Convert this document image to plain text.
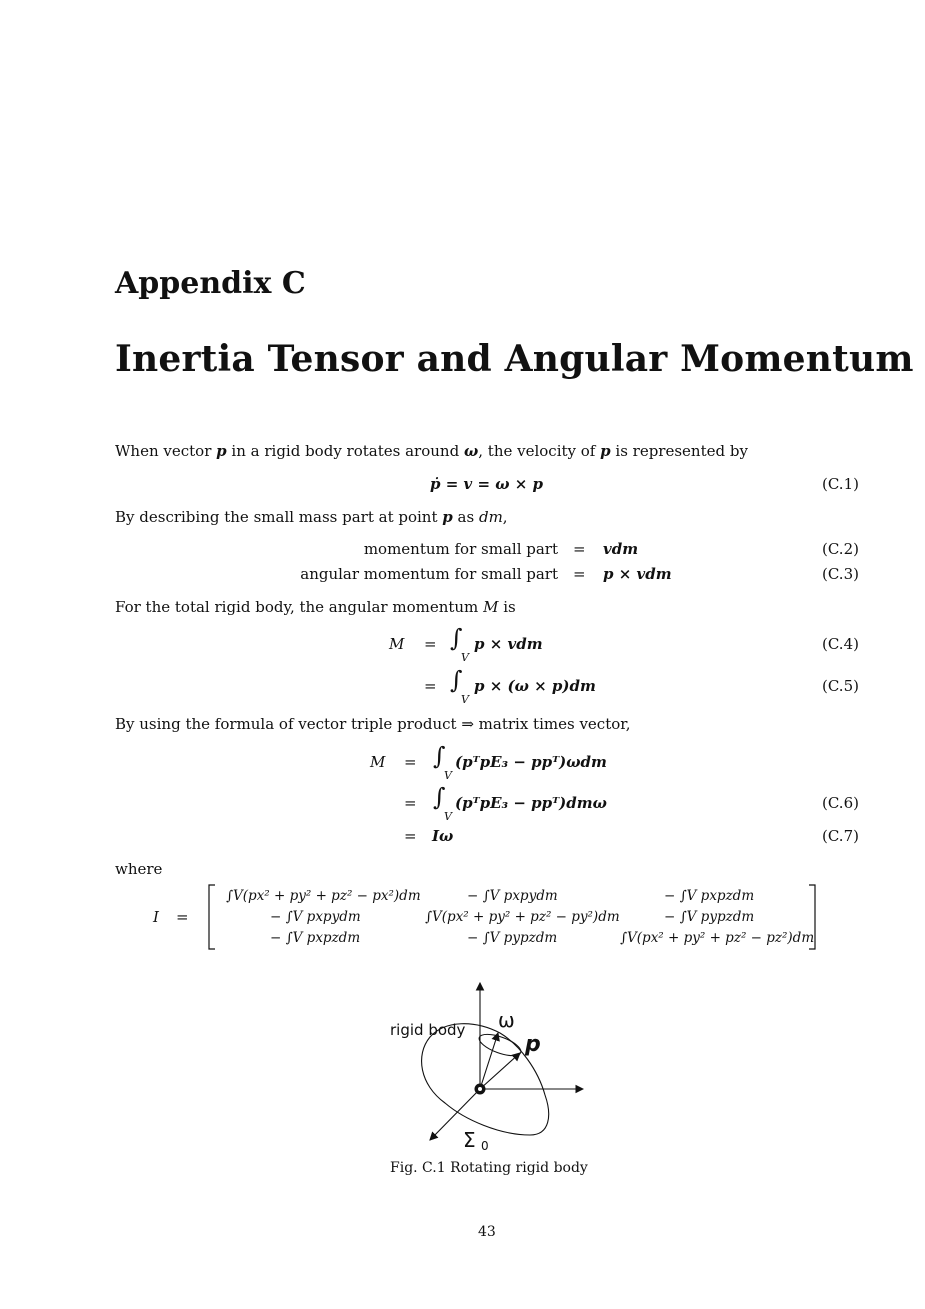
Appendix C
Inertia Tensor and Angular Momentum
When vector p in a rigid body rotates around ω, the velocity of p is represented by
ṗ = v = ω × p	(C.1)
By describing the small mass part at point p as dm,
momentum for small part = vdm	(C.2)
angular momentum for small part = p × vdm	(C.3)
For the total rigid body, the angular momentum M is
M = ∫
V
p × vdm	(C.4)
= ∫
V
p × (ω × p)dm	(C.5)
By using the formula of vector triple product ⇒ matrix times vector,
M = ∫
V
(pᵀpE₃ − ppᵀ)ωdm
= ∫
V
(pᵀpE₃ − ppᵀ)dmω	(C.6)
= Iω	(C.7)
where
I =
∫V(px² + py² + pz² − px²)dm	− ∫V pxpydm	− ∫V pxpzdm
− ∫V pxpydm	∫V(px² + py² + pz² − py²)dm	− ∫V pypzdm
− ∫V pxpzdm	− ∫V pypzdm	∫V(px² + py² + pz² − pz²)dm
rigid body ω
p
Σ 0
Fig. C.1 Rotating rigid body
43
